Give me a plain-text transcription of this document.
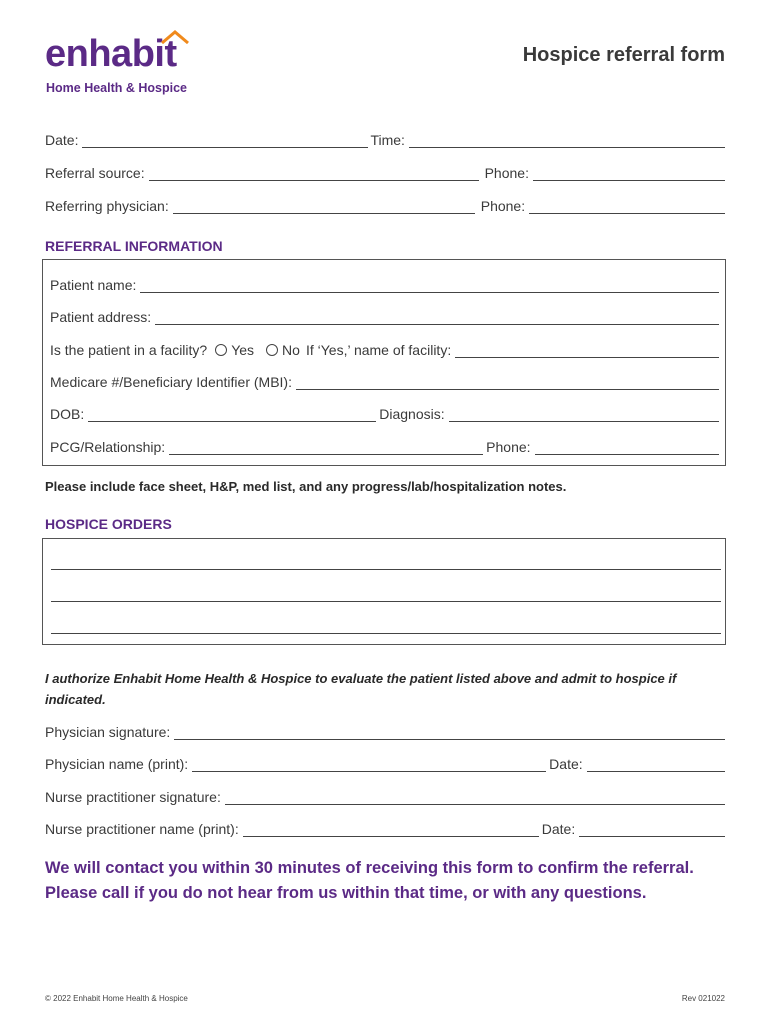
enhabit
Home Health & Hospice
Hospice referral form
Date:	Time:
Referral source:	Phone:
Referring physician:	Phone:
REFERRAL INFORMATION
Patient name:
Patient address:
Is the patient in a facility? Yes No If ‘Yes,’ name of facility:
Medicare #/Beneficiary Identifier (MBI):
DOB:	Diagnosis:
PCG/Relationship:	Phone:
Please include face sheet, H&P, med list, and any progress/lab/hospitalization notes.
HOSPICE ORDERS
I authorize Enhabit Home Health & Hospice to evaluate the patient listed above and admit to hospice if indicated.
Physician signature:
Physician name (print):	Date:
Nurse practitioner signature:
Nurse practitioner name (print):	Date:
We will contact you within 30 minutes of receiving this form to confirm the referral. Please call if you do not hear from us within that time, or with any questions.
© 2022 Enhabit Home Health & Hospice	Rev 021022
